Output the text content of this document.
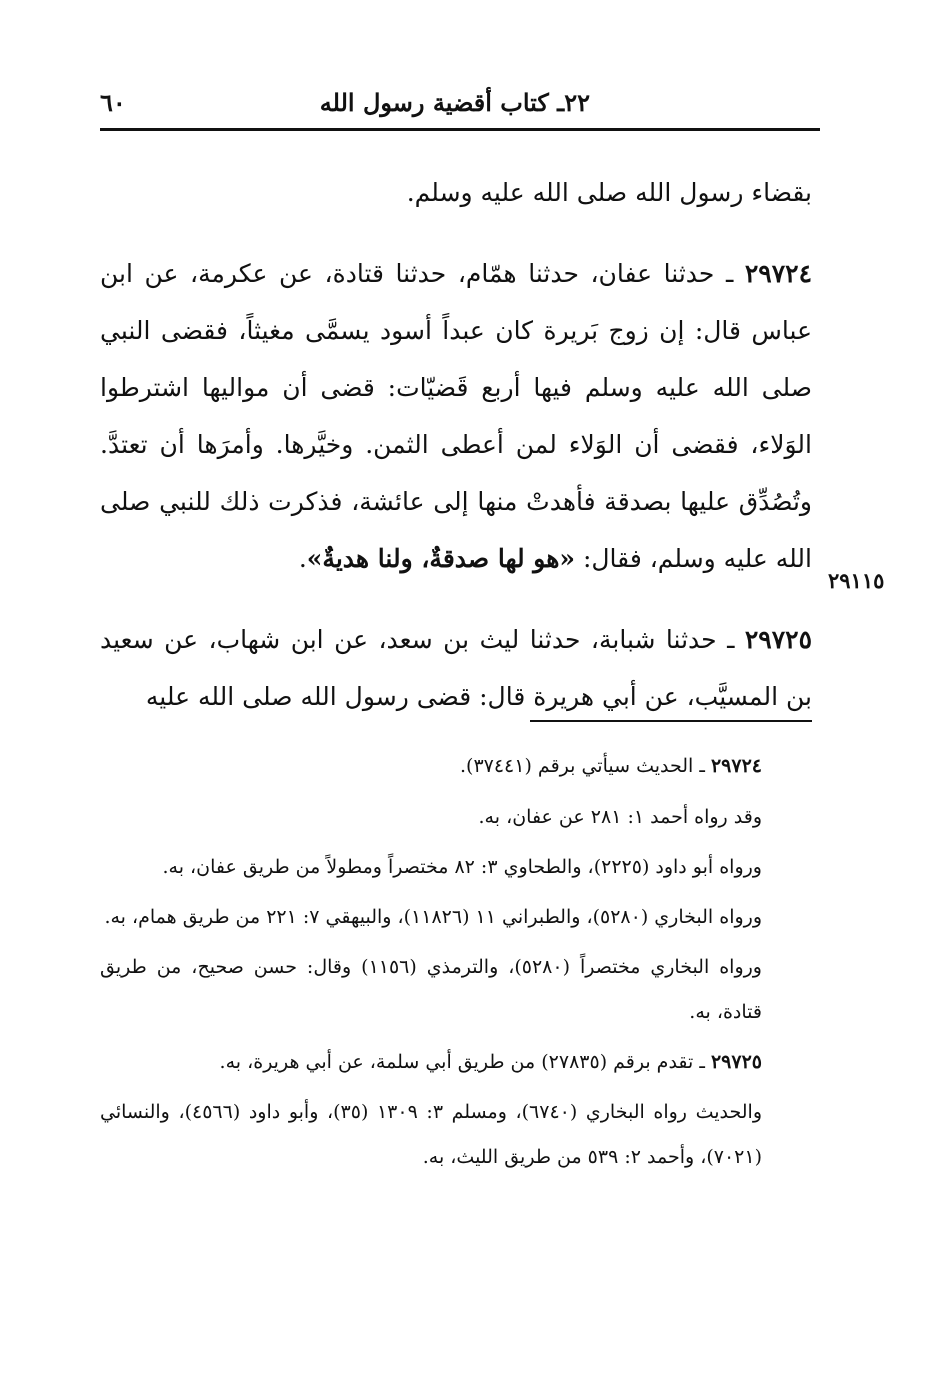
٢٢ـ كتاب أقضية رسول الله
٦٠

بقضاء رسول الله صلى الله عليه وسلم.

٢٩٧٢٤ ـ حدثنا عفان، حدثنا همّام، حدثنا قتادة، عن عكرمة، عن ابن عباس قال: إن زوج بَريرة كان عبداً أسود يسمَّى مغيثاً، فقضى النبي صلى الله عليه وسلم فيها أربع قَضيّات: قضى أن مواليها اشترطوا الوَلاء، فقضى أن الوَلاء لمن أعطى الثمن. وخيَّرها. وأمرَها أن تعتدَّ. وتُصُدِّق عليها بصدقة فأهدتْ منها إلى عائشة، فذكرت ذلك للنبي صلى الله عليه وسلم، فقال: «هو لها صدقةٌ، ولنا هديةٌ».

٢٩٧٢٥ ـ حدثنا شبابة، حدثنا ليث بن سعد، عن ابن شهاب، عن سعيد بن المسيَّب، عن أبي هريرة قال: قضى رسول الله صلى الله عليه

٢٩١١٥

٢٩٧٢٤ ـ الحديث سيأتي برقم (٣٧٤٤١).

وقد رواه أحمد ١: ٢٨١ عن عفان، به.

ورواه أبو داود (٢٢٢٥)، والطحاوي ٣: ٨٢ مختصراً ومطولاً من طريق عفان، به.

ورواه البخاري (٥٢٨٠)، والطبراني ١١ (١١٨٢٦)، والبيهقي ٧: ٢٢١ من طريق همام، به.

ورواه البخاري مختصراً (٥٢٨٠)، والترمذي (١١٥٦) وقال: حسن صحيح، من طريق قتادة، به.

٢٩٧٢٥ ـ تقدم برقم (٢٧٨٣٥) من طريق أبي سلمة، عن أبي هريرة، به.

والحديث رواه البخاري (٦٧٤٠)، ومسلم ٣: ١٣٠٩ (٣٥)، وأبو داود (٤٥٦٦)، والنسائي (٧٠٢١)، وأحمد ٢: ٥٣٩ من طريق الليث، به.
